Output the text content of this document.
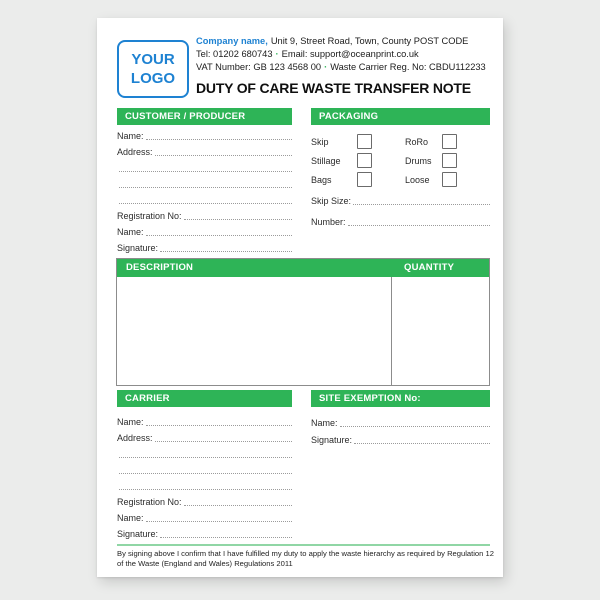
YOUR
LOGO
Company name, Unit 9, Street Road, Town, County POST CODE
Tel: 01202 680743 · Email: support@oceanprint.co.uk
VAT Number: GB 123 4568 00 · Waste Carrier Reg. No: CBDU112233
DUTY OF CARE WASTE TRANSFER NOTE
CUSTOMER / PRODUCER
Name:
Address:
Registration No:
Name:
Signature:
PACKAGING
Skip	RoRo
Stillage	Drums
Bags	Loose
Skip Size:
Number:
DESCRIPTION	QUANTITY
CARRIER
Name:
Address:
Registration No:
Name:
Signature:
SITE EXEMPTION No:
Name:
Signature:
By signing above I confirm that I have fulfilled my duty to apply the waste hierarchy as required by Regulation 12 of the Waste (England and Wales) Regulations 2011
